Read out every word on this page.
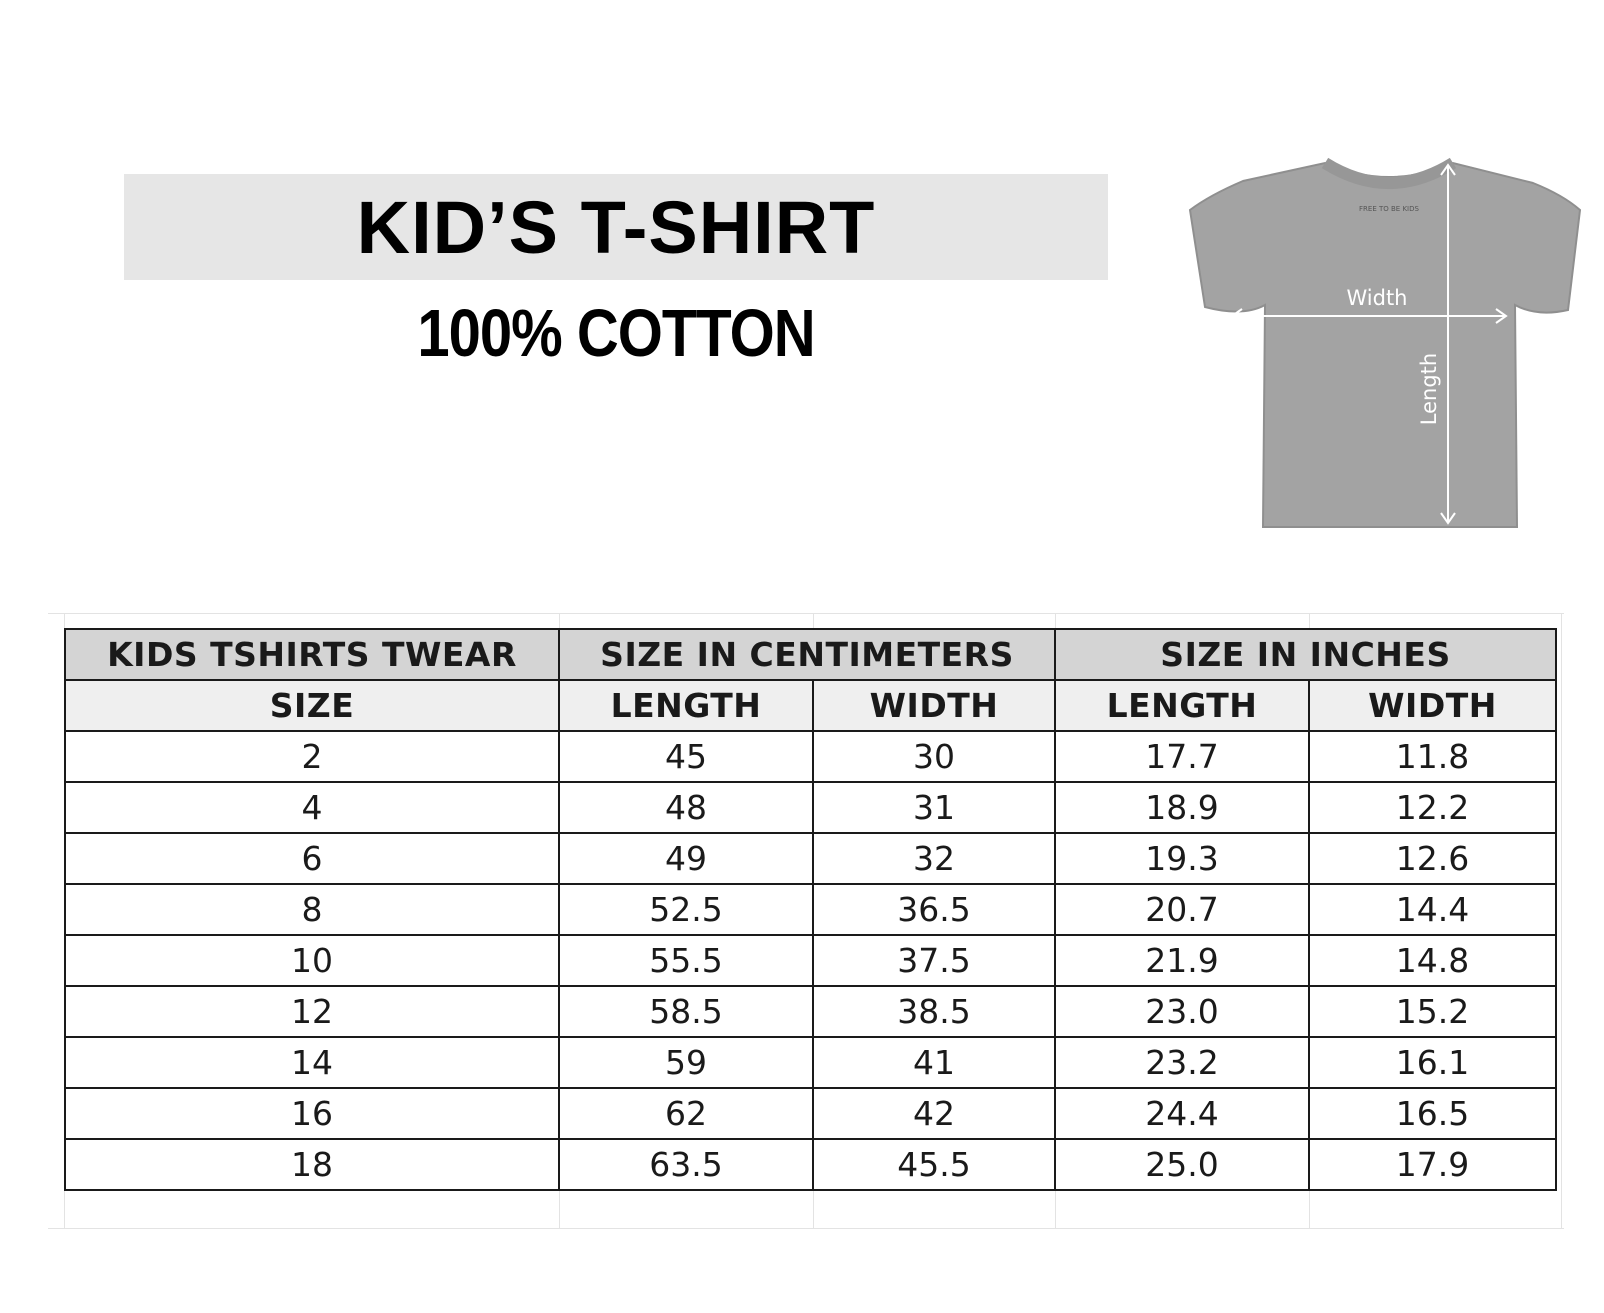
KID’S T-SHIRT
100% COTTON
FREE TO BE KIDS
Width
Length
KIDS TSHIRTS TWEAR	SIZE IN CENTIMETERS		SIZE IN INCHES	
SIZE	LENGTH	WIDTH	LENGTH	WIDTH
2	45	30	17.7	11.8
4	48	31	18.9	12.2
6	49	32	19.3	12.6
8	52.5	36.5	20.7	14.4
10	55.5	37.5	21.9	14.8
12	58.5	38.5	23.0	15.2
14	59	41	23.2	16.1
16	62	42	24.4	16.5
18	63.5	45.5	25.0	17.9
